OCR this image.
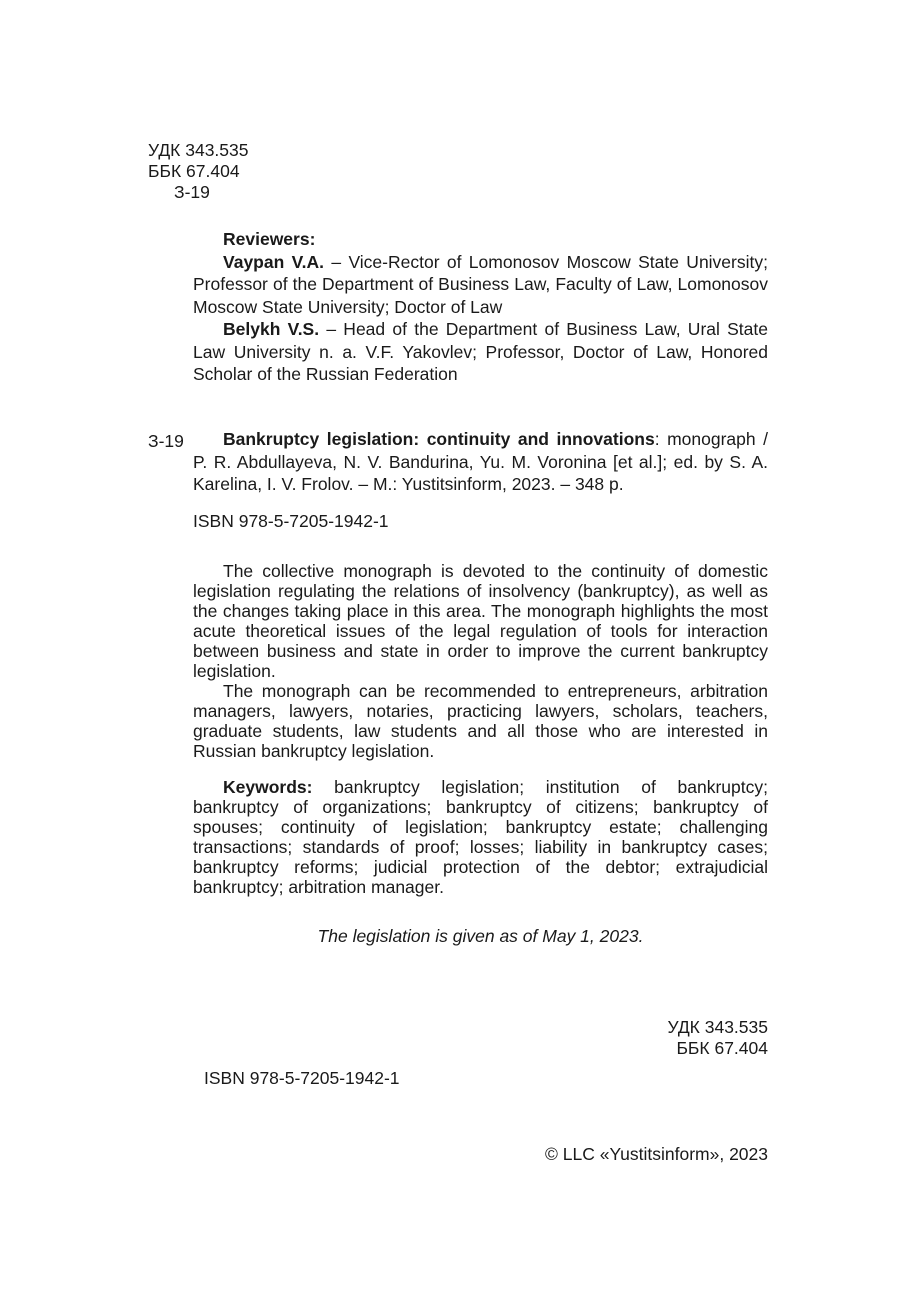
УДК 343.535
ББК 67.404
З-19
Reviewers:

Vaypan V.A. – Vice-Rector of Lomonosov Moscow State University; Professor of the Department of Business Law, Faculty of Law, Lomonosov Moscow State University; Doctor of Law

Belykh V.S. – Head of the Department of Business Law, Ural State Law University n. a. V.F. Yakovlev; Professor, Doctor of Law, Honored Scholar of the Russian Federation

З-19	Bankruptcy legislation: continuity and innovations: monograph / P. R. Abdullayeva, N. V. Bandurina, Yu. M. Voronina [et al.]; ed. by S. A. Karelina, I. V. Frolov. – M.: Yustitsinform, 2023. – 348 p.

ISBN 978-5-7205-1942-1

The collective monograph is devoted to the continuity of domestic legislation regulating the relations of insolvency (bankruptcy), as well as the changes taking place in this area. The monograph highlights the most acute theoretical issues of the legal regulation of tools for interaction between business and state in order to improve the current bankruptcy legislation.

The monograph can be recommended to entrepreneurs, arbitration managers, lawyers, notaries, practicing lawyers, scholars, teachers, graduate students, law students and all those who are interested in Russian bankruptcy legislation.

Keywords: bankruptcy legislation; institution of bankruptcy; bankruptcy of organizations; bankruptcy of citizens; bankruptcy of spouses; continuity of legislation; bankruptcy estate; challenging transactions; standards of proof; losses; liability in bankruptcy cases; bankruptcy reforms; judicial protection of the debtor; extrajudicial bankruptcy; arbitration manager.

The legislation is given as of May 1, 2023.
УДК 343.535
ББК 67.404
ISBN 978-5-7205-1942-1
© LLC «Yustitsinform», 2023
